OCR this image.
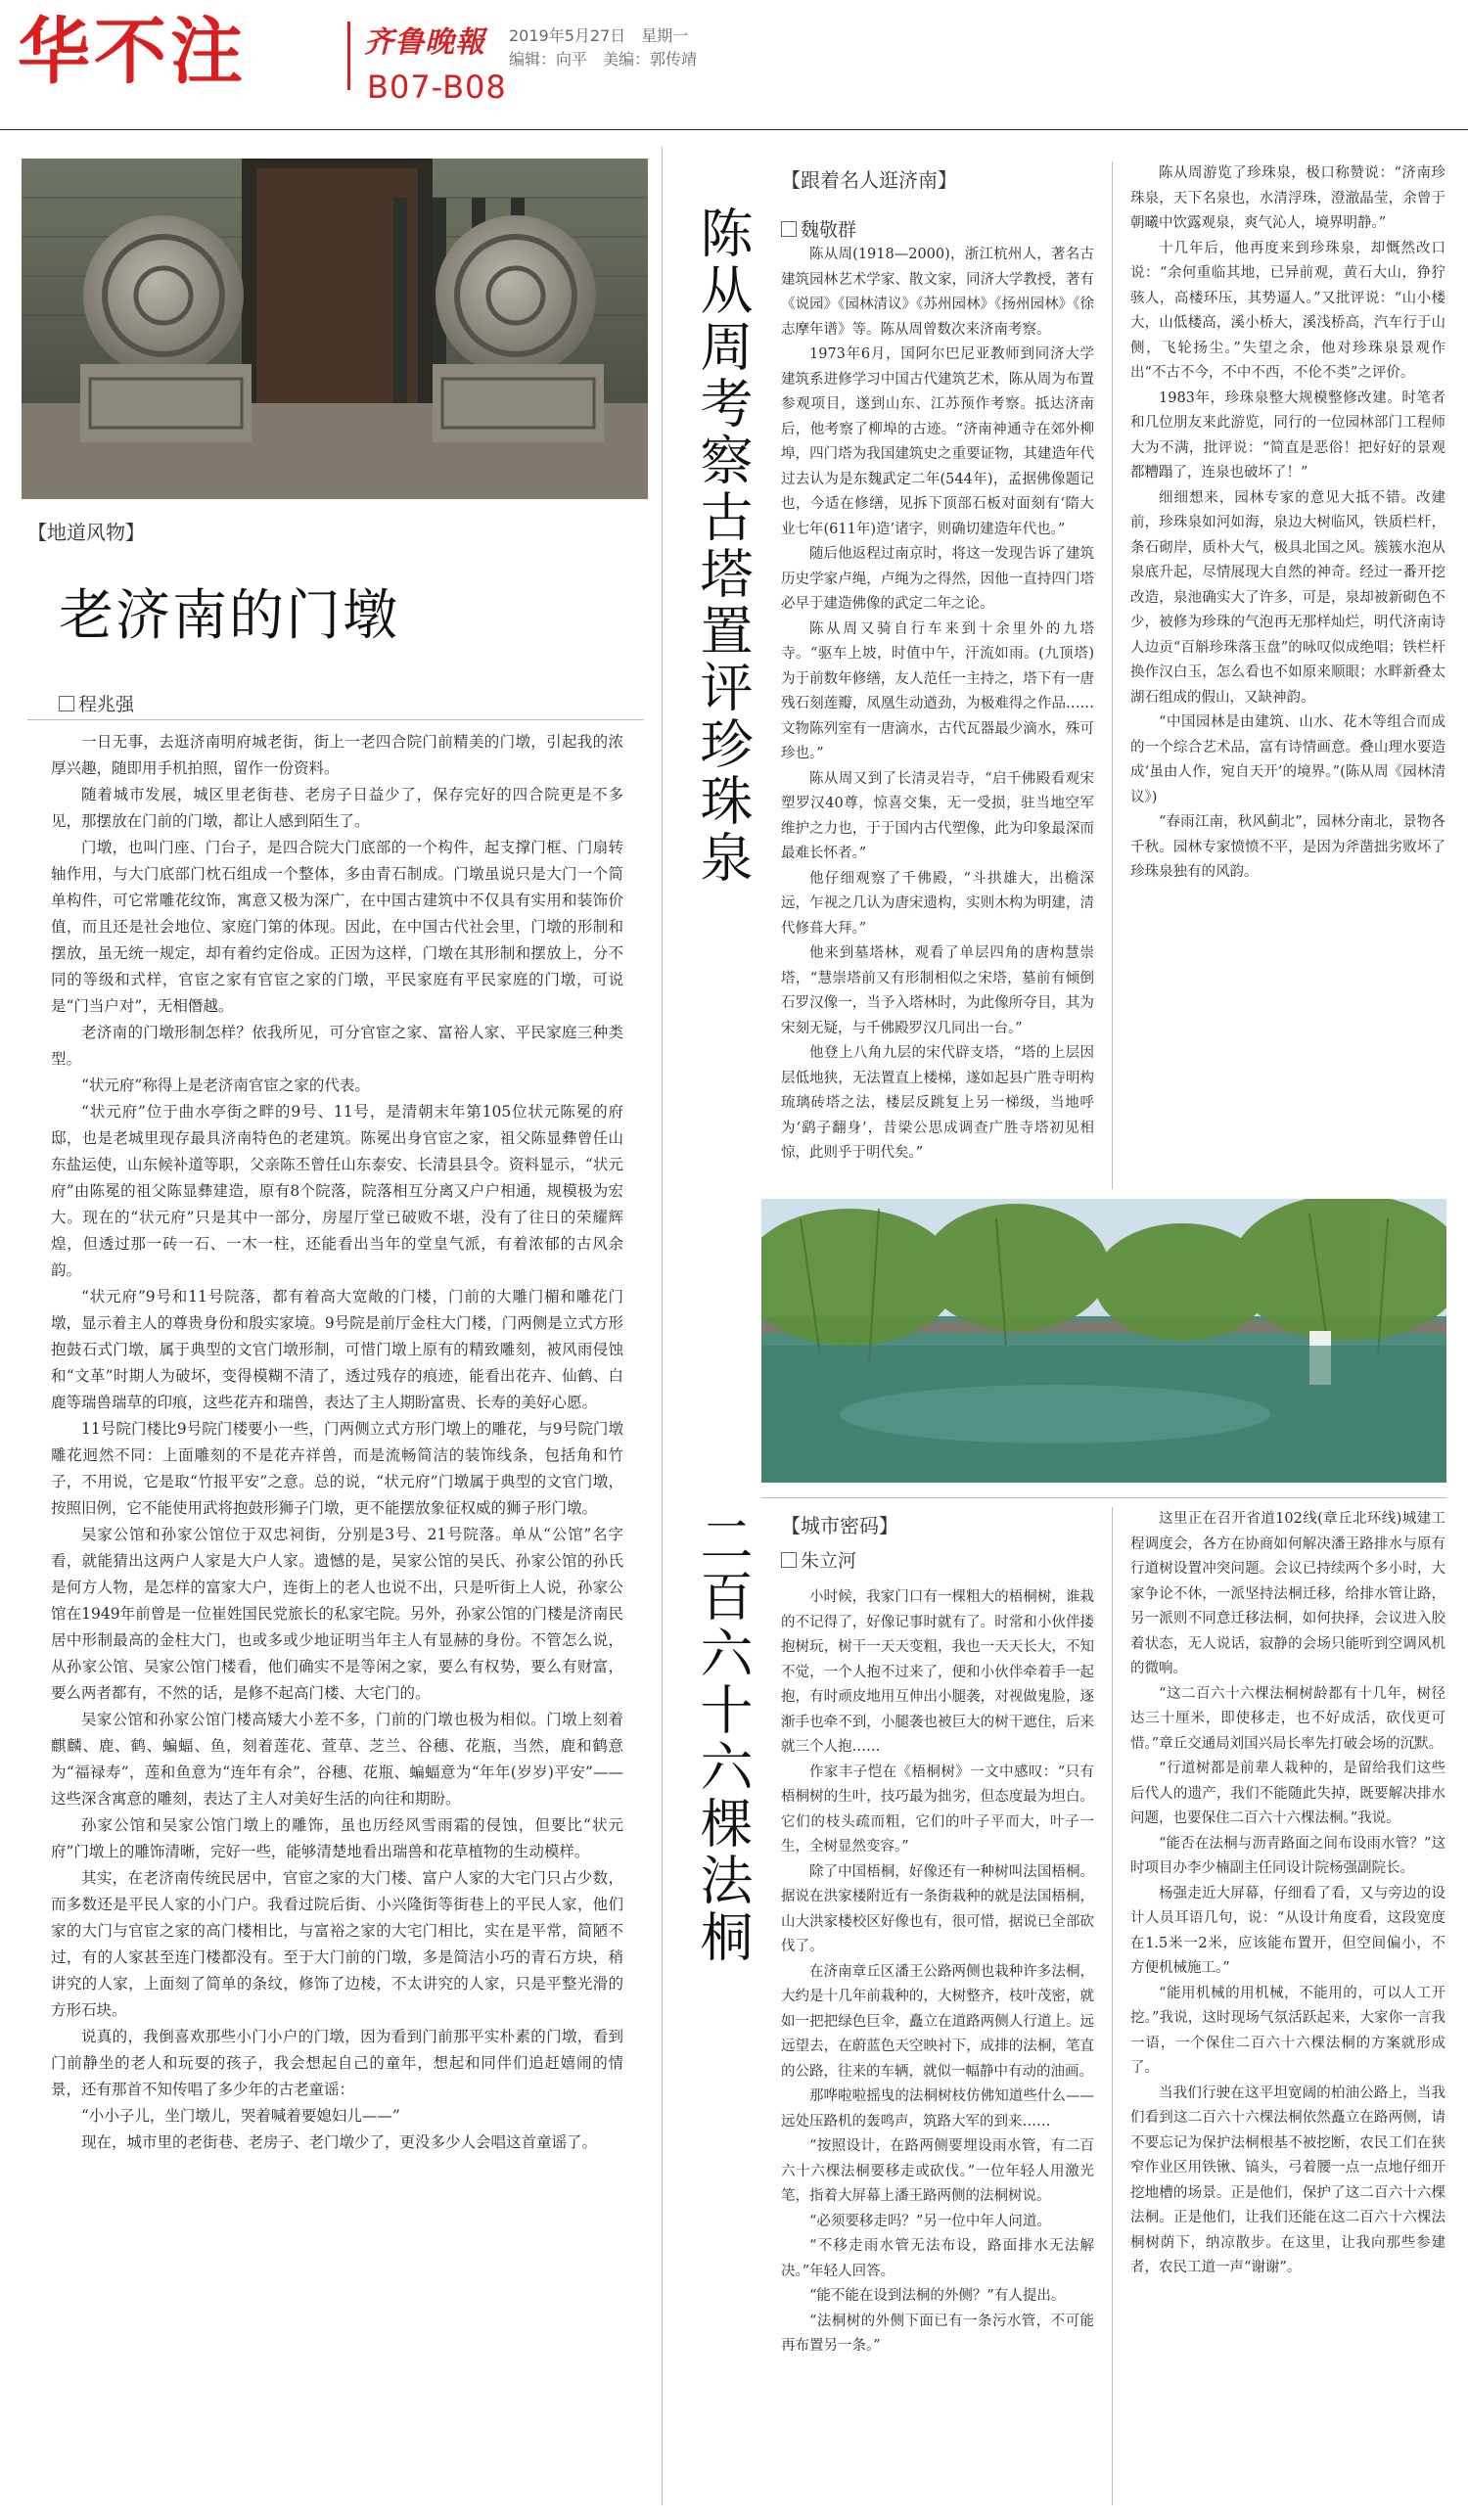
华不注	齐鲁晚報 2019年5月27日　星期一
编辑：向平　美编：郭传靖
B07-B08
【地道风物】
老济南的门墩
程兆强

一日无事，去逛济南明府城老街，街上一老四合院门前精美的门墩，引起我的浓厚兴趣，随即用手机拍照，留作一份资料。

随着城市发展，城区里老街巷、老房子日益少了，保存完好的四合院更是不多见，那摆放在门前的门墩，都让人感到陌生了。

门墩，也叫门座、门台子，是四合院大门底部的一个构件，起支撑门框、门扇转轴作用，与大门底部门枕石组成一个整体，多由青石制成。门墩虽说只是大门一个简单构件，可它常雕花纹饰，寓意又极为深广，在中国古建筑中不仅具有实用和装饰价值，而且还是社会地位、家庭门第的体现。因此，在中国古代社会里，门墩的形制和摆放，虽无统一规定，却有着约定俗成。正因为这样，门墩在其形制和摆放上，分不同的等级和式样，官宦之家有官宦之家的门墩，平民家庭有平民家庭的门墩，可说是“门当户对”，无相僭越。

老济南的门墩形制怎样？依我所见，可分官宦之家、富裕人家、平民家庭三种类型。

“状元府”称得上是老济南官宦之家的代表。

“状元府”位于曲水亭街之畔的9号、11号，是清朝末年第105位状元陈冕的府邸，也是老城里现存最具济南特色的老建筑。陈冕出身官宦之家，祖父陈显彝曾任山东盐运使，山东候补道等职，父亲陈丕曾任山东泰安、长清县县令。资料显示，“状元府”由陈冕的祖父陈显彝建造，原有8个院落，院落相互分离又户户相通，规模极为宏大。现在的“状元府”只是其中一部分，房屋厅堂已破败不堪，没有了往日的荣耀辉煌，但透过那一砖一石、一木一柱，还能看出当年的堂皇气派，有着浓郁的古风余韵。

“状元府”9号和11号院落，都有着高大宽敞的门楼，门前的大雕门楣和雕花门墩，显示着主人的尊贵身份和殷实家境。9号院是前厅金柱大门楼，门两侧是立式方形抱鼓石式门墩，属于典型的文官门墩形制，可惜门墩上原有的精致雕刻，被风雨侵蚀和“文革”时期人为破坏，变得模糊不清了，透过残存的痕迹，能看出花卉、仙鹤、白鹿等瑞兽瑞草的印痕，这些花卉和瑞兽，表达了主人期盼富贵、长寿的美好心愿。

11号院门楼比9号院门楼要小一些，门两侧立式方形门墩上的雕花，与9号院门墩雕花迥然不同：上面雕刻的不是花卉祥兽，而是流畅简洁的装饰线条，包括角和竹子，不用说，它是取“竹报平安”之意。总的说，“状元府”门墩属于典型的文官门墩，按照旧例，它不能使用武将抱鼓形狮子门墩，更不能摆放象征权威的狮子形门墩。

吴家公馆和孙家公馆位于双忠祠街，分别是3号、21号院落。单从“公馆”名字看，就能猜出这两户人家是大户人家。遗憾的是，吴家公馆的吴氏、孙家公馆的孙氏是何方人物，是怎样的富家大户，连街上的老人也说不出，只是听街上人说，孙家公馆在1949年前曾是一位崔姓国民党旅长的私家宅院。另外，孙家公馆的门楼是济南民居中形制最高的金柱大门，也或多或少地证明当年主人有显赫的身份。不管怎么说，从孙家公馆、吴家公馆门楼看，他们确实不是等闲之家，要么有权势，要么有财富，要么两者都有，不然的话，是修不起高门楼、大宅门的。

吴家公馆和孙家公馆门楼高矮大小差不多，门前的门墩也极为相似。门墩上刻着麒麟、鹿、鹤、蝙蝠、鱼，刻着莲花、萱草、芝兰、谷穗、花瓶，当然，鹿和鹤意为“福禄寿”，莲和鱼意为“连年有余”，谷穗、花瓶、蝙蝠意为“年年(岁岁)平安”——这些深含寓意的雕刻，表达了主人对美好生活的向往和期盼。

孙家公馆和吴家公馆门墩上的雕饰，虽也历经风雪雨霜的侵蚀，但要比“状元府”门墩上的雕饰清晰，完好一些，能够清楚地看出瑞兽和花草植物的生动模样。

其实，在老济南传统民居中，官宦之家的大门楼、富户人家的大宅门只占少数，而多数还是平民人家的小门户。我看过院后街、小兴隆街等街巷上的平民人家，他们家的大门与官宦之家的高门楼相比，与富裕之家的大宅门相比，实在是平常，简陋不过，有的人家甚至连门楼都没有。至于大门前的门墩，多是简洁小巧的青石方块，稍讲究的人家，上面刻了简单的条纹，修饰了边棱，不太讲究的人家，只是平整光滑的方形石块。

说真的，我倒喜欢那些小门小户的门墩，因为看到门前那平实朴素的门墩，看到门前静坐的老人和玩耍的孩子，我会想起自己的童年，想起和同伴们追赶嬉闹的情景，还有那首不知传唱了多少年的古老童谣：

“小小子儿，坐门墩儿，哭着喊着要媳妇儿——”

现在，城市里的老街巷、老房子、老门墩少了，更没多少人会唱这首童谣了。

陈从周考察古塔置评珍珠泉
【跟着名人逛济南】
魏敬群

陈从周(1918—2000)，浙江杭州人，著名古建筑园林艺术学家、散文家，同济大学教授，著有《说园》《园林清议》《苏州园林》《扬州园林》《徐志摩年谱》等。陈从周曾数次来济南考察。

1973年6月，国阿尔巴尼亚教师到同济大学建筑系进修学习中国古代建筑艺术，陈从周为布置参观项目，遂到山东、江苏预作考察。抵达济南后，他考察了柳埠的古迹。“济南神通寺在郊外柳埠，四门塔为我国建筑史之重要证物，其建造年代过去认为是东魏武定二年(544年)，孟据佛像题记也，今适在修缮，见拆下顶部石板对面刻有‘隋大业七年(611年)造’诸字，则确切建造年代也。”

随后他返程过南京时，将这一发现告诉了建筑历史学家卢绳，卢绳为之得然，因他一直持四门塔必早于建造佛像的武定二年之论。

陈从周又骑自行车来到十余里外的九塔寺。“驱车上坡，时值中午，汗流如雨。(九顶塔)为于前数年修缮，友人范任一主持之，塔下有一唐残石刻莲瓣，凤凰生动遒劲，为极难得之作品……文物陈列室有一唐滴水，古代瓦器最少滴水，殊可珍也。”

陈从周又到了长清灵岩寺，“启千佛殿看观宋塑罗汉40尊，惊喜交集，无一受损，驻当地空军维护之力也，于于国内古代塑像，此为印象最深而最难长怀者。”

他仔细观察了千佛殿，“斗拱雄大，出檐深远，乍视之几认为唐宋遗构，实则木构为明建，清代修葺大拜。”

他来到墓塔林，观看了单层四角的唐构慧崇塔，“慧崇塔前又有形制相似之宋塔，墓前有倾倒石罗汉像一，当予入塔林时，为此像所夺目，其为宋刻无疑，与千佛殿罗汉几同出一台。”

他登上八角九层的宋代辟支塔，“塔的上层因层低地狭，无法置直上楼梯，遂如起县广胜寺明构琉璃砖塔之法，楼层反跳复上另一梯级，当地呼为‘鹞子翻身’，昔梁公思成调查广胜寺塔初见相惊，此则乎于明代矣。”

陈从周游览了珍珠泉，极口称赞说：“济南珍珠泉，天下名泉也，水清浮珠，澄澈晶莹，余曾于朝曦中饮露观泉，爽气沁人，境界明静。”

十几年后，他再度来到珍珠泉，却慨然改口说：“余何重临其地，已异前观，黄石大山，狰狞骇人，高楼环压，其势逼人。”又批评说：“山小楼大，山低楼高，溪小桥大，溪浅桥高，汽车行于山侧，飞轮扬尘。”失望之余，他对珍珠泉景观作出“不古不今，不中不西，不伦不类”之评价。

1983年，珍珠泉整大规模整修改建。时笔者和几位朋友来此游览，同行的一位园林部门工程师大为不满，批评说：“简直是恶俗！把好好的景观都糟蹋了，连泉也破坏了！”

细细想来，园林专家的意见大抵不错。改建前，珍珠泉如河如海，泉边大树临风，铁质栏杆，条石砌岸，质朴大气，极具北国之风。簇簇水泡从泉底升起，尽情展现大自然的神奇。经过一番开挖改造，泉池确实大了许多，可是，泉却被新砌色不少，被修为珍珠的气泡再无那样灿烂，明代济南诗人边贡“百斛珍珠落玉盘”的咏叹似成绝唱；铁栏杆换作汉白玉，怎么看也不如原来顺眼；水畔新叠太湖石组成的假山，又缺神韵。

“中国园林是由建筑、山水、花木等组合而成的一个综合艺术品，富有诗情画意。叠山理水要造成‘虽由人作，宛自天开’的境界。”(陈从周《园林清议》)

“春雨江南，秋风蓟北”，园林分南北，景物各千秋。园林专家愤愤不平，是因为斧凿拙劣败坏了珍珠泉独有的风韵。

二百六十六棵法桐 【城市密码】
朱立河

小时候，我家门口有一棵粗大的梧桐树，谁栽的不记得了，好像记事时就有了。时常和小伙伴搂抱树玩，树干一天天变粗，我也一天天长大，不知不觉，一个人抱不过来了，便和小伙伴牵着手一起抱，有时顽皮地用互伸出小腿袭，对视做鬼脸，逐渐手也牵不到，小腿袭也被巨大的树干遮住，后来就三个人抱……

作家丰子恺在《梧桐树》一文中感叹：“只有梧桐树的生叶，技巧最为拙劣，但态度最为坦白。它们的枝头疏而粗，它们的叶子平而大，叶子一生，全树显然变容。”

除了中国梧桐，好像还有一种树叫法国梧桐。据说在洪家楼附近有一条街栽种的就是法国梧桐，山大洪家楼校区好像也有，很可惜，据说已全部砍伐了。

在济南章丘区潘王公路两侧也栽种许多法桐，大约是十几年前栽种的，大树整齐，枝叶茂密，就如一把把绿色巨伞，矗立在道路两侧人行道上。远远望去，在蔚蓝色天空映衬下，成排的法桐，笔直的公路，往来的车辆，就似一幅静中有动的油画。

那哗啦啦摇曳的法桐树枝仿佛知道些什么——远处压路机的轰鸣声，筑路大军的到来……

“按照设计，在路两侧要埋设雨水管，有二百六十六棵法桐要移走或砍伐。”一位年轻人用激光笔，指着大屏幕上潘王路两侧的法桐树说。

“必须要移走吗？”另一位中年人问道。

“不移走雨水管无法布设，路面排水无法解决。”年轻人回答。

“能不能在设到法桐的外侧？”有人提出。

“法桐树的外侧下面已有一条污水管，不可能再布置另一条。”

这里正在召开省道102线(章丘北环线)城建工程调度会，各方在协商如何解决潘王路排水与原有行道树设置冲突问题。会议已持续两个多小时，大家争论不休，一派坚持法桐迁移，给排水管让路，另一派则不同意迁移法桐，如何抉择，会议进入胶着状态，无人说话，寂静的会场只能听到空调风机的微响。

“这二百六十六棵法桐树龄都有十几年，树径达三十厘米，即使移走，也不好成活，砍伐更可惜。”章丘交通局刘国兴局长率先打破会场的沉默。

“行道树都是前辈人栽种的，是留给我们这些后代人的遗产，我们不能随此失掉，既要解决排水问题，也要保住二百六十六棵法桐。”我说。

“能否在法桐与沥青路面之间布设雨水管？”这时项目办李少楠副主任同设计院杨强副院长。

杨强走近大屏幕，仔细看了看，又与旁边的设计人员耳语几句，说：“从设计角度看，这段宽度在1.5米一2米，应该能布置开，但空间偏小，不方便机械施工。”

“能用机械的用机械，不能用的，可以人工开挖。”我说，这时现场气氛活跃起来，大家你一言我一语，一个保住二百六十六棵法桐的方案就形成了。

当我们行驶在这平坦宽阔的柏油公路上，当我们看到这二百六十六棵法桐依然矗立在路两侧，请不要忘记为保护法桐根基不被挖断，农民工们在狭窄作业区用铁锹、镐头，弓着腰一点一点地仔细开挖地槽的场景。正是他们，保护了这二百六十六棵法桐。正是他们，让我们还能在这二百六十六棵法桐树荫下，纳凉散步。在这里，让我向那些参建者，农民工道一声“谢谢”。
